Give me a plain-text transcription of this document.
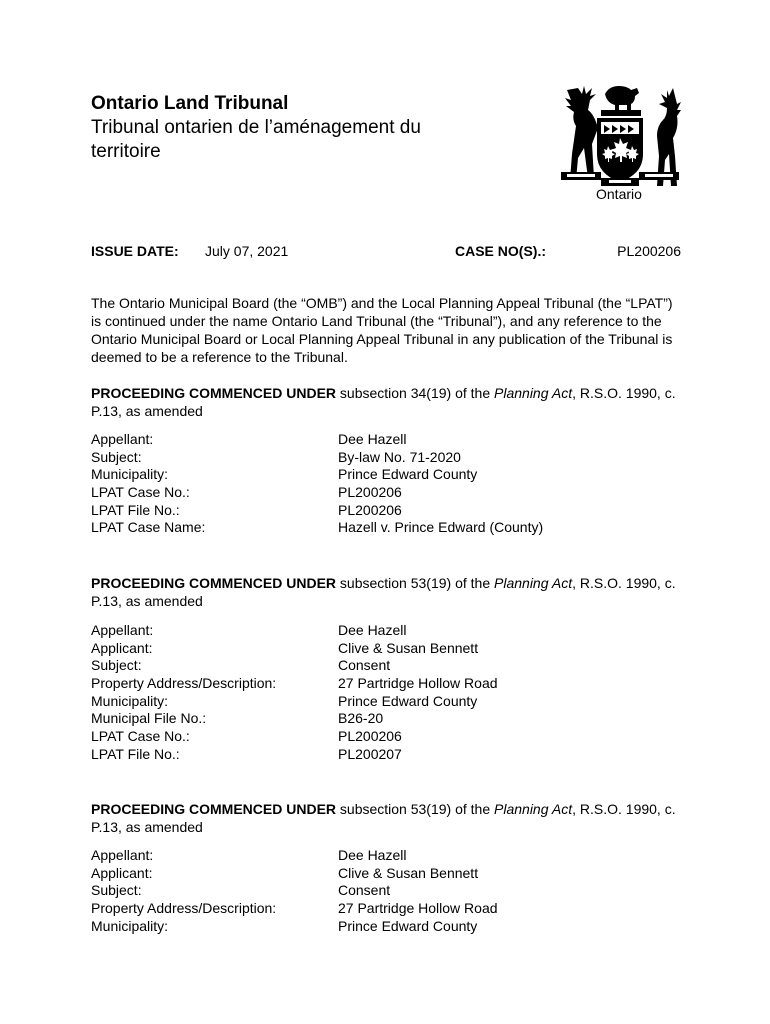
Ontario Land Tribunal
Tribunal ontarien de l’aménagement du territoire
Ontario
ISSUE DATE: July 07, 2021	CASE NO(S).:	PL200206
The Ontario Municipal Board (the “OMB”) and the Local Planning Appeal Tribunal (the “LPAT”) is continued under the name Ontario Land Tribunal (the “Tribunal”), and any reference to the Ontario Municipal Board or Local Planning Appeal Tribunal in any publication of the Tribunal is deemed to be a reference to the Tribunal.
PROCEEDING COMMENCED UNDER subsection 34(19) of the Planning Act, R.S.O. 1990, c. P.13, as amended
Appellant:	Dee Hazell
Subject:	By-law No. 71-2020
Municipality:	Prince Edward County
LPAT Case No.:	PL200206
LPAT File No.:	PL200206
LPAT Case Name:	Hazell v. Prince Edward (County)
PROCEEDING COMMENCED UNDER subsection 53(19) of the Planning Act, R.S.O. 1990, c. P.13, as amended
Appellant:	Dee Hazell
Applicant:	Clive & Susan Bennett
Subject:	Consent
Property Address/Description:	27 Partridge Hollow Road
Municipality:	Prince Edward County
Municipal File No.:	B26-20
LPAT Case No.:	PL200206
LPAT File No.:	PL200207
PROCEEDING COMMENCED UNDER subsection 53(19) of the Planning Act, R.S.O. 1990, c. P.13, as amended
Appellant:	Dee Hazell
Applicant:	Clive & Susan Bennett
Subject:	Consent
Property Address/Description:	27 Partridge Hollow Road
Municipality:	Prince Edward County
